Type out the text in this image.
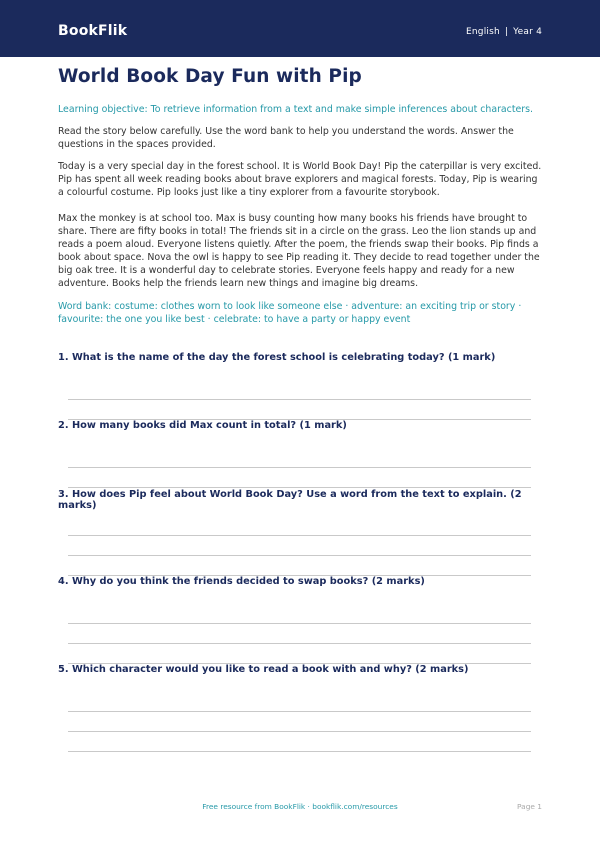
BookFlik	English | Year 4
World Book Day Fun with Pip

Learning objective: To retrieve information from a text and make simple inferences about characters.

Read the story below carefully. Use the word bank to help you understand the words. Answer the questions in the spaces provided.

Today is a very special day in the forest school. It is World Book Day! Pip the caterpillar is very excited. Pip has spent all week reading books about brave explorers and magical forests. Today, Pip is wearing a colourful costume. Pip looks just like a tiny explorer from a favourite storybook.

Max the monkey is at school too. Max is busy counting how many books his friends have brought to share. There are fifty books in total! The friends sit in a circle on the grass. Leo the lion stands up and reads a poem aloud. Everyone listens quietly. After the poem, the friends swap their books. Pip finds a book about space. Nova the owl is happy to see Pip reading it. They decide to read together under the big oak tree. It is a wonderful day to celebrate stories. Everyone feels happy and ready for a new adventure. Books help the friends learn new things and imagine big dreams.

Word bank: costume: clothes worn to look like someone else · adventure: an exciting trip or story · favourite: the one you like best · celebrate: to have a party or happy event

1. What is the name of the day the forest school is celebrating today? (1 mark)
2. How many books did Max count in total? (1 mark)
3. How does Pip feel about World Book Day? Use a word from the text to explain. (2 marks)
4. Why do you think the friends decided to swap books? (2 marks)
5. Which character would you like to read a book with and why? (2 marks)
Free resource from BookFlik · bookflik.com/resources	Page 1
